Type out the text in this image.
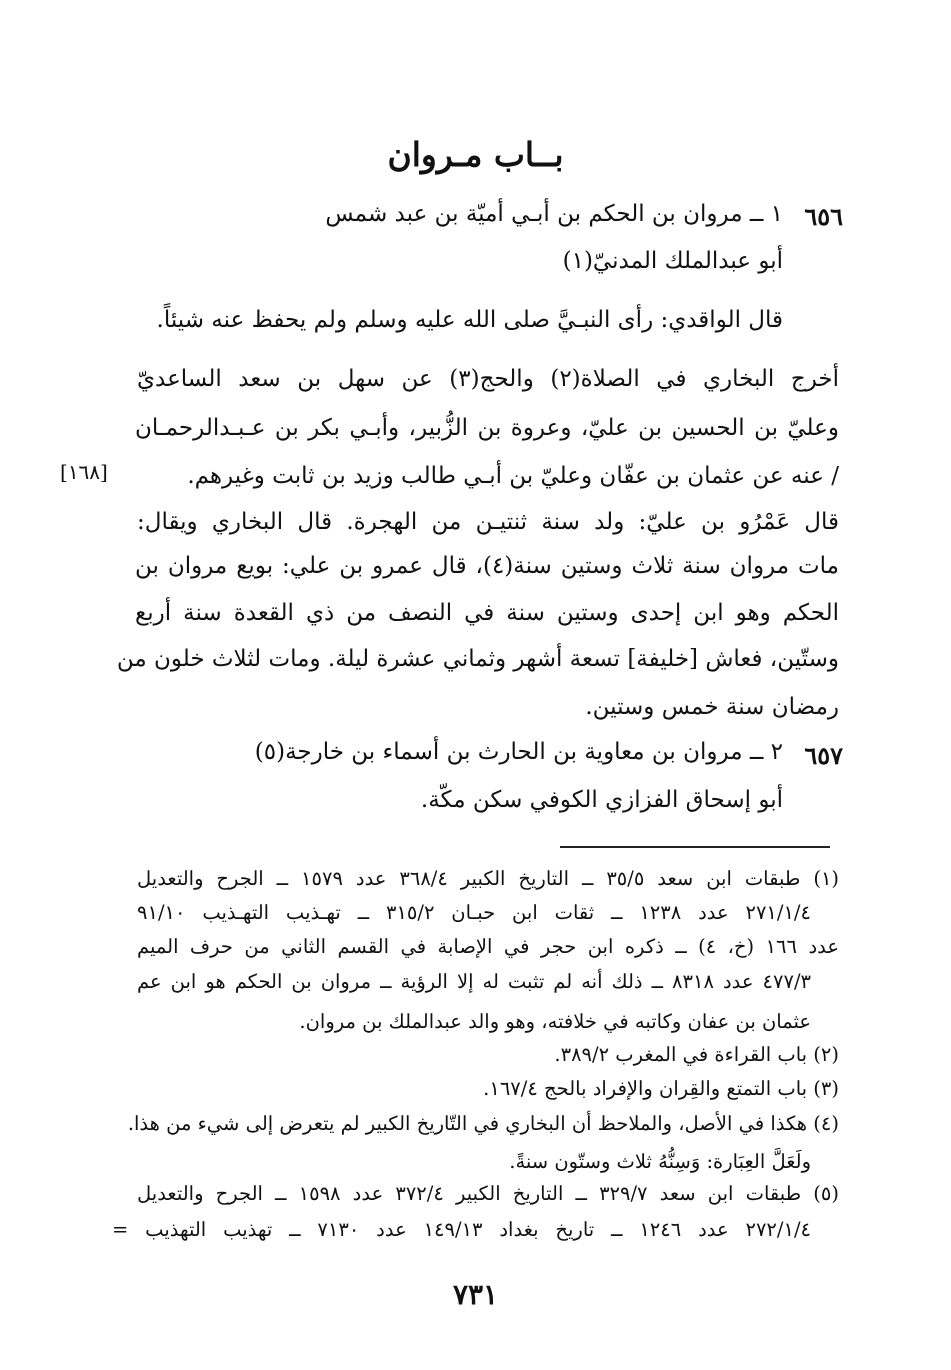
بــاب مـروان
٦٥٦
١ ــ مروان بن الحكم بن أبـي أميّة بن عبد شمس
أبو عبدالملك المدنيّ(١)
قال الواقدي: رأى النبـيَّ صلى الله عليه وسلم ولم يحفظ عنه شيئاً.
أخرج البخاري في الصلاة(٢) والحج(٣) عن سهل بن سعد الساعديّ
وعليّ بن الحسين بن عليّ، وعروة بن الزُّبير، وأبـي بكر بن عـبـدالرحمـان
/ عنه عن عثمان بن عفّان وعليّ بن أبـي طالب وزيد بن ثابت وغيرهم.
[١٦٨]
قال عَمْرُو بن عليّ: ولد سنة ثنتيـن من الهجرة. قال البخاري ويقال:
مات مروان سنة ثلاث وستين سنة(٤)، قال عمرو بن علي: بويع مروان بن
الحكم وهو ابن إحدى وستين سنة في النصف من ذي القعدة سنة أربع
وستّين، فعاش [خليفة] تسعة أشهر وثماني عشرة ليلة. ومات لثلاث خلون من
رمضان سنة خمس وستين.
٦٥٧
٢ ــ مروان بن معاوية بن الحارث بن أسماء بن خارجة(٥)
أبو إسحاق الفزازي الكوفي سكن مكّة.
(١) طبقات ابن سعد ٣٥/٥ ــ التاريخ الكبير ٣٦٨/٤ عدد ١٥٧٩ ــ الجرح والتعديل
٢٧١/١/٤ عدد ١٢٣٨ ــ ثقات ابن حبـان ٣١٥/٢ ــ تهـذيب التهـذيب ٩١/١٠
عدد ١٦٦ (خ، ٤) ــ ذكره ابن حجر في الإصابة في القسم الثاني من حرف الميم
٤٧٧/٣ عدد ٨٣١٨ ــ ذلك أنه لم تثبت له إلا الرؤية ــ مروان بن الحكم هو ابن عم
عثمان بن عفان وكاتبه في خلافته، وهو والد عبدالملك بن مروان.
(٢) باب القراءة في المغرب ٣٨٩/٢.
(٣) باب التمتع والقِران والإفراد بالحج ١٦٧/٤.
(٤) هكذا في الأصل، والملاحظ أن البخاري في التّاريخ الكبير لم يتعرض إلى شيء من هذا.
ولَعَلَّ العِبَارة: وَسِنُّهُ ثلاث وستّون سنةً.
(٥) طبقات ابن سعد ٣٢٩/٧ ــ التاريخ الكبير ٣٧٢/٤ عدد ١٥٩٨ ــ الجرح والتعديل
٢٧٢/١/٤ عدد ١٢٤٦ ــ تاريخ بغداد ١٤٩/١٣ عدد ٧١٣٠ ــ تهذيب التهذيب =
٧٣١
